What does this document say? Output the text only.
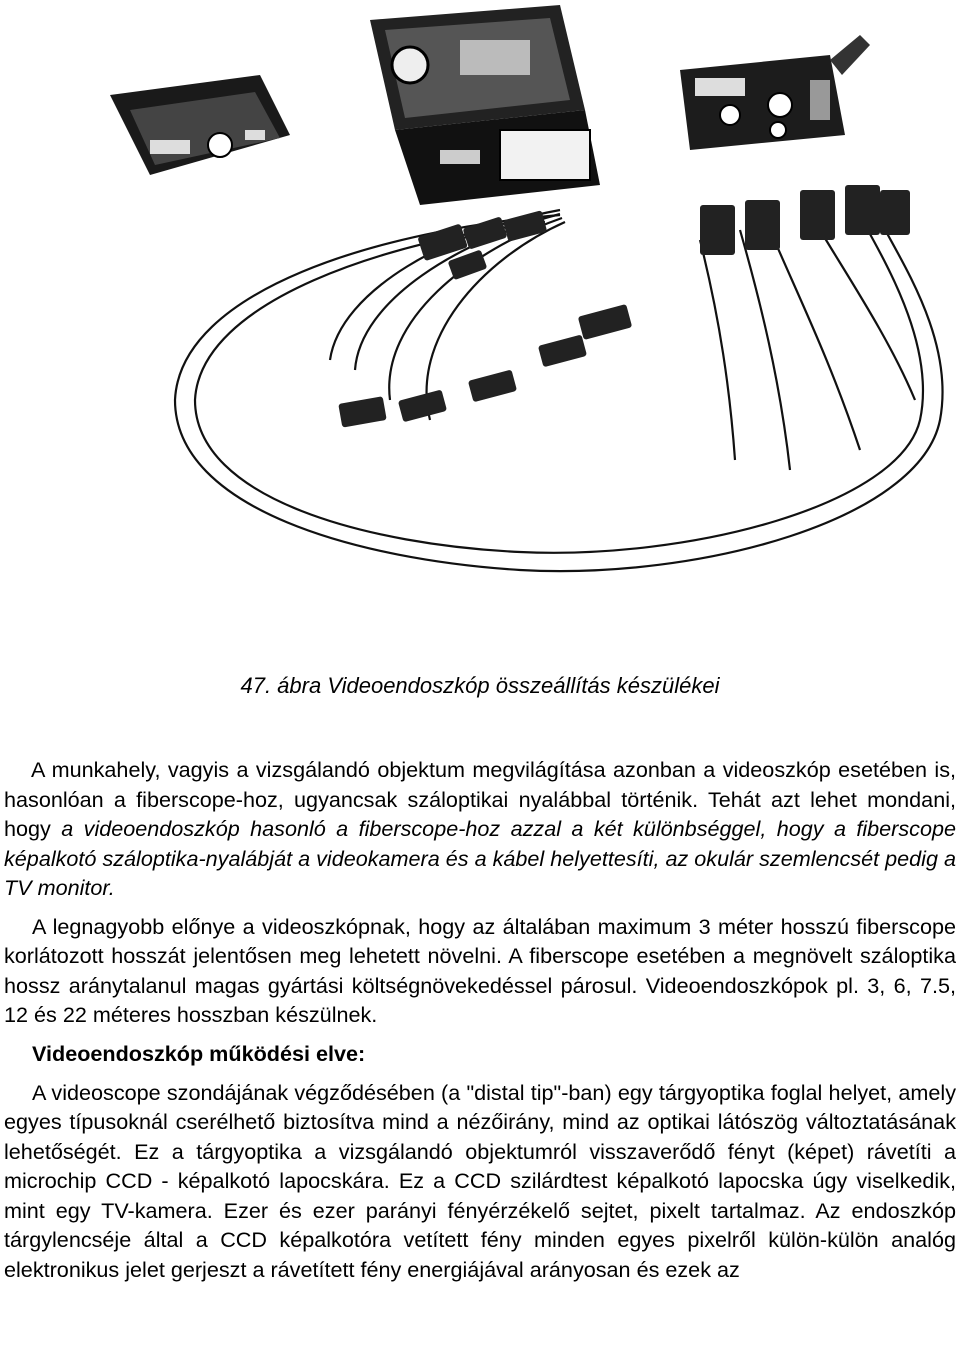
47. ábra Videoendoszkóp összeállítás készülékei

A munkahely, vagyis a vizsgálandó objektum megvilágítása azonban a videoszkóp esetében is, hasonlóan a fiberscope-hoz, ugyancsak száloptikai nyalábbal történik. Tehát azt lehet mondani, hogy a videoendoszkóp hasonló a fiberscope-hoz azzal a két különbséggel, hogy a fiberscope képalkotó száloptika-nyalábját a videokamera és a kábel helyettesíti, az okulár szemlencsét pedig a TV monitor.

A legnagyobb előnye a videoszkópnak, hogy az általában maximum 3 méter hosszú fiberscope korlátozott hosszát jelentősen meg lehetett növelni. A fiberscope esetében a megnövelt száloptika hossz aránytalanul magas gyártási költségnövekedéssel párosul. Videoendoszkópok pl. 3, 6, 7.5, 12 és 22 méteres hosszban készülnek.

Videoendoszkóp működési elve:

A videoscope szondájának végződésében (a "distal tip"-ban) egy tárgyoptika foglal helyet, amely egyes típusoknál cserélhető biztosítva mind a nézőirány, mind az optikai látószög változtatásának lehetőségét. Ez a tárgyoptika a vizsgálandó objektumról visszaverődő fényt (képet) rávetíti a microchip CCD - képalkotó lapocskára. Ez a CCD szilárdtest képalkotó lapocska úgy viselkedik, mint egy TV-kamera. Ezer és ezer parányi fényérzékelő sejtet, pixelt tartalmaz. Az endoszkóp tárgylencséje által a CCD képalkotóra vetített fény minden egyes pixelről külön-külön analóg elektronikus jelet gerjeszt a rávetített fény energiájával arányosan és ezek az
